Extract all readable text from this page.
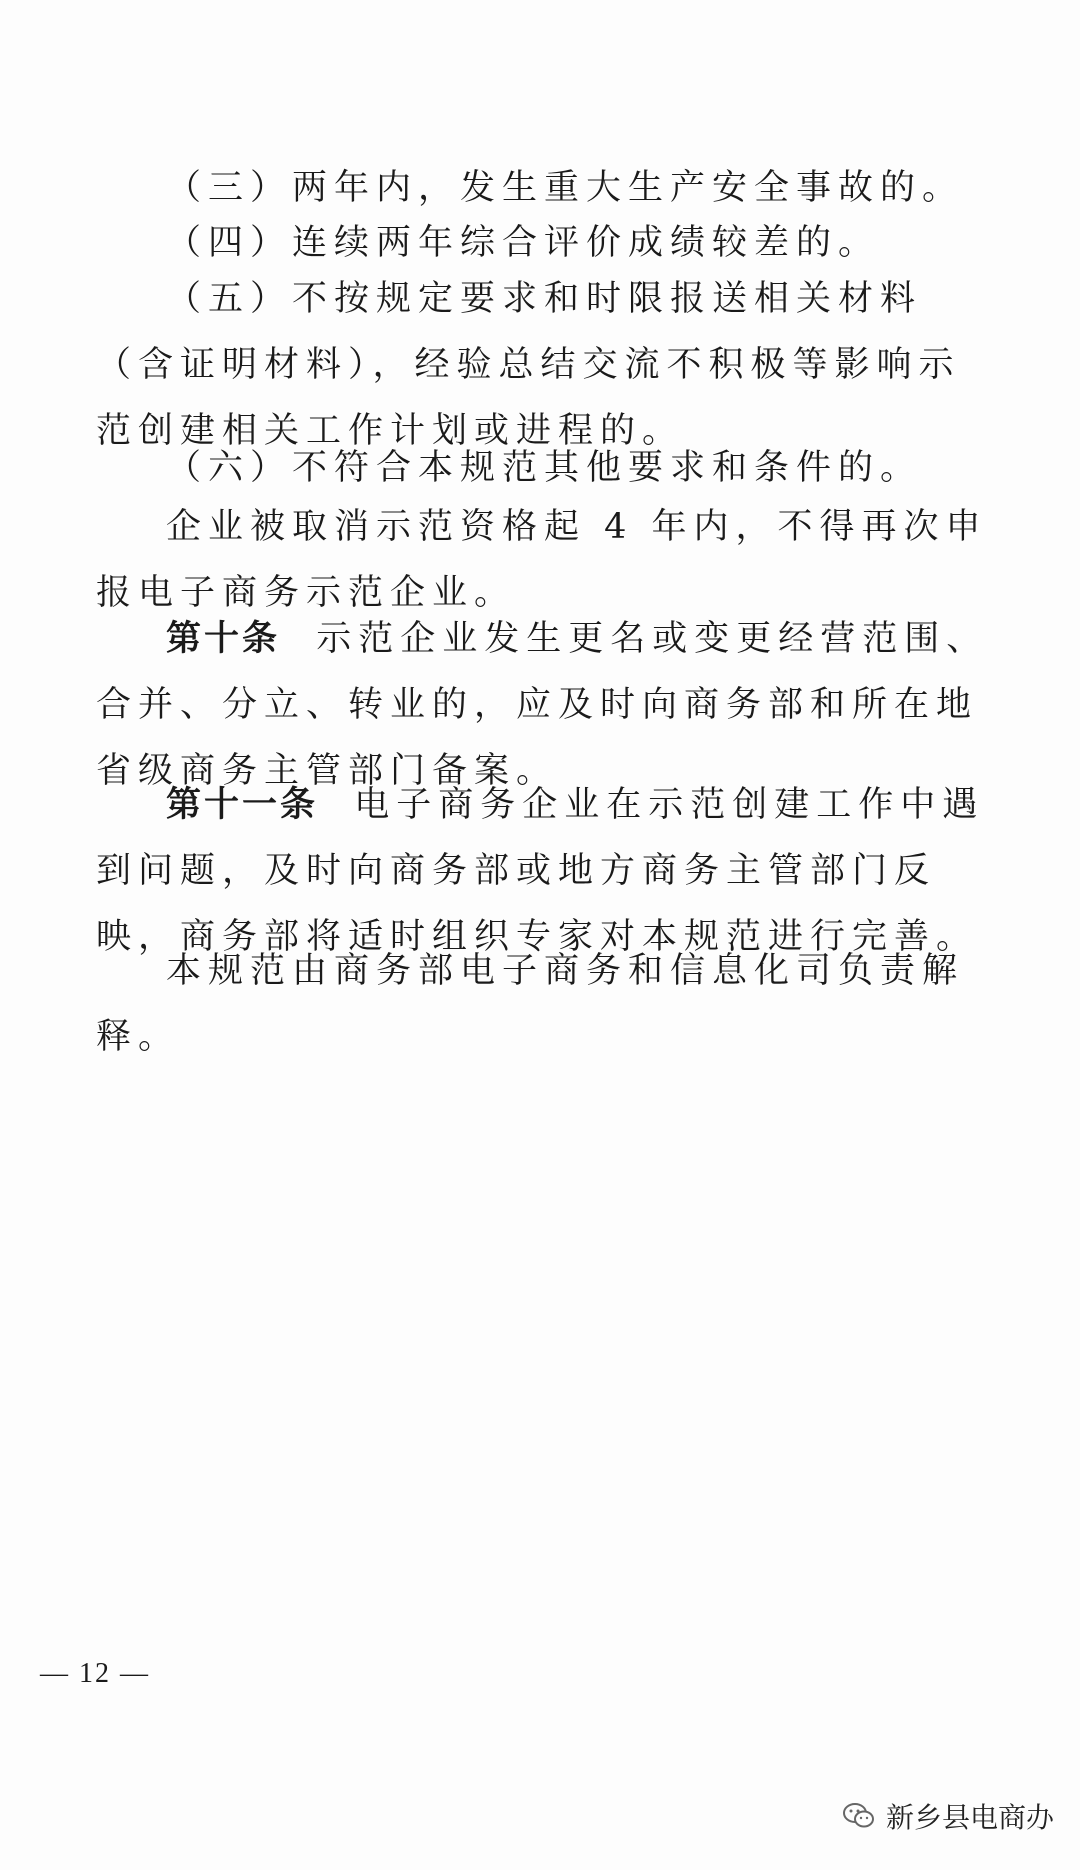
（三）两年内，发生重大生产安全事故的。

（四）连续两年综合评价成绩较差的。

（五）不按规定要求和时限报送相关材料（含证明材料），经验总结交流不积极等影响示范创建相关工作计划或进程的。

（六）不符合本规范其他要求和条件的。

企业被取消示范资格起 4 年内，不得再次申报电子商务示范企业。

第十条 示范企业发生更名或变更经营范围、合并、分立、转业的，应及时向商务部和所在地省级商务主管部门备案。

第十一条 电子商务企业在示范创建工作中遇到问题，及时向商务部或地方商务主管部门反映，商务部将适时组织专家对本规范进行完善。

本规范由商务部电子商务和信息化司负责解释。

— 12 —
新乡县电商办
